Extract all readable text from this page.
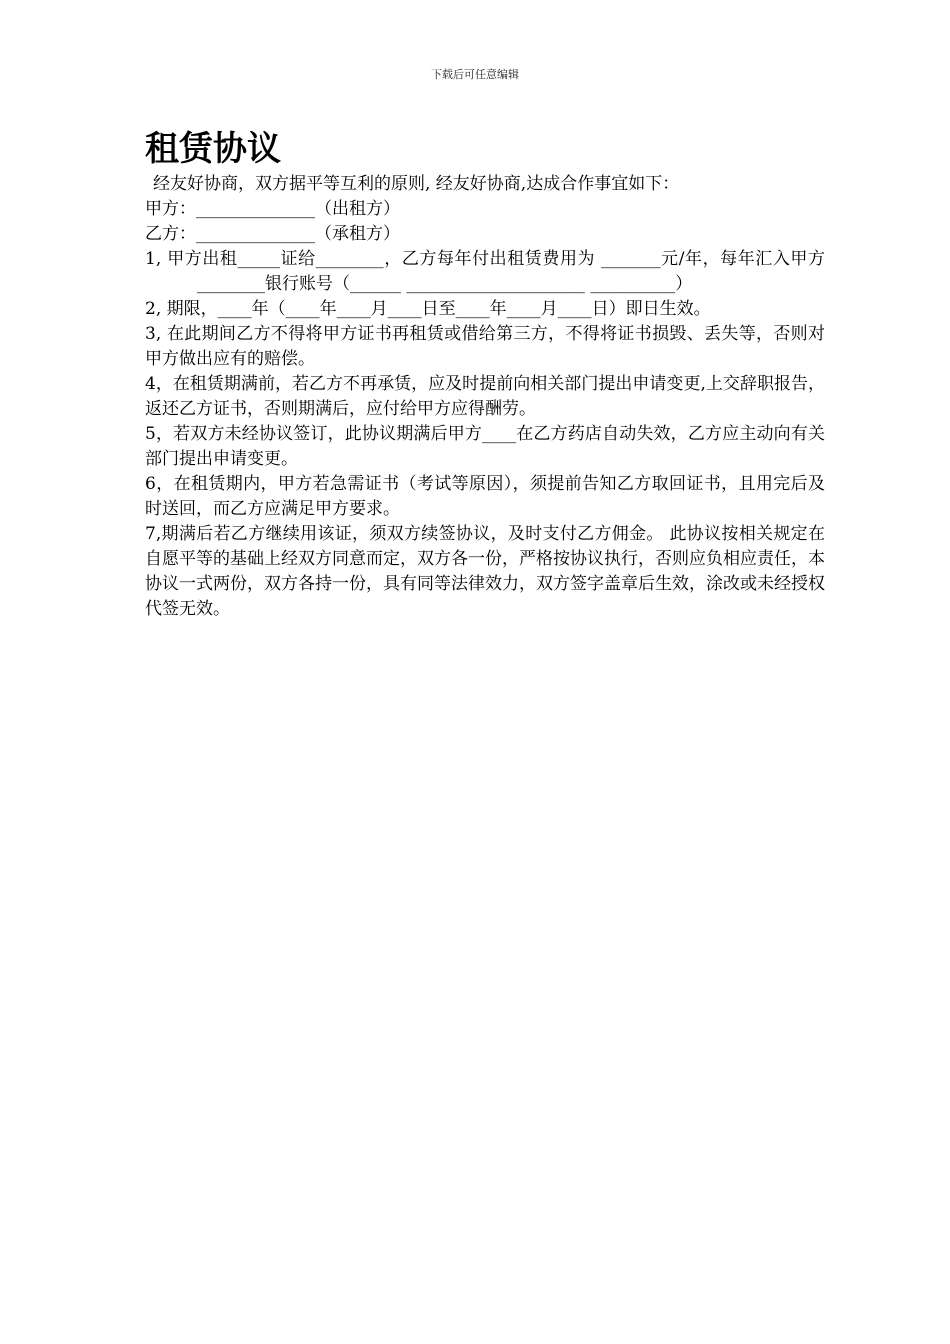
下载后可任意编辑
租赁协议

经友好协商，双方据平等互利的原则, 经友好协商,达成合作事宜如下：

甲方：______________（出租方）

乙方：______________（承租方）

1, 甲方出租_____证给________，乙方每年付出租赁费用为 _______元/年，每年汇入甲方________银行账号（______ _____________________ __________）

2, 期限，____年（____年____月____日至____年____月____日）即日生效。

3, 在此期间乙方不得将甲方证书再租赁或借给第三方，不得将证书损毁、丢失等，否则对甲方做出应有的赔偿。

4，在租赁期满前，若乙方不再承赁，应及时提前向相关部门提出申请变更,上交辞职报告，返还乙方证书，否则期满后，应付给甲方应得酬劳。

5，若双方未经协议签订，此协议期满后甲方____在乙方药店自动失效，乙方应主动向有关部门提出申请变更。

6，在租赁期内，甲方若急需证书（考试等原因），须提前告知乙方取回证书，且用完后及时送回，而乙方应满足甲方要求。

7,期满后若乙方继续用该证，须双方续签协议，及时支付乙方佣金。 此协议按相关规定在自愿平等的基础上经双方同意而定，双方各一份，严格按协议执行，否则应负相应责任，本协议一式两份，双方各持一份，具有同等法律效力，双方签字盖章后生效，涂改或未经授权代签无效。
